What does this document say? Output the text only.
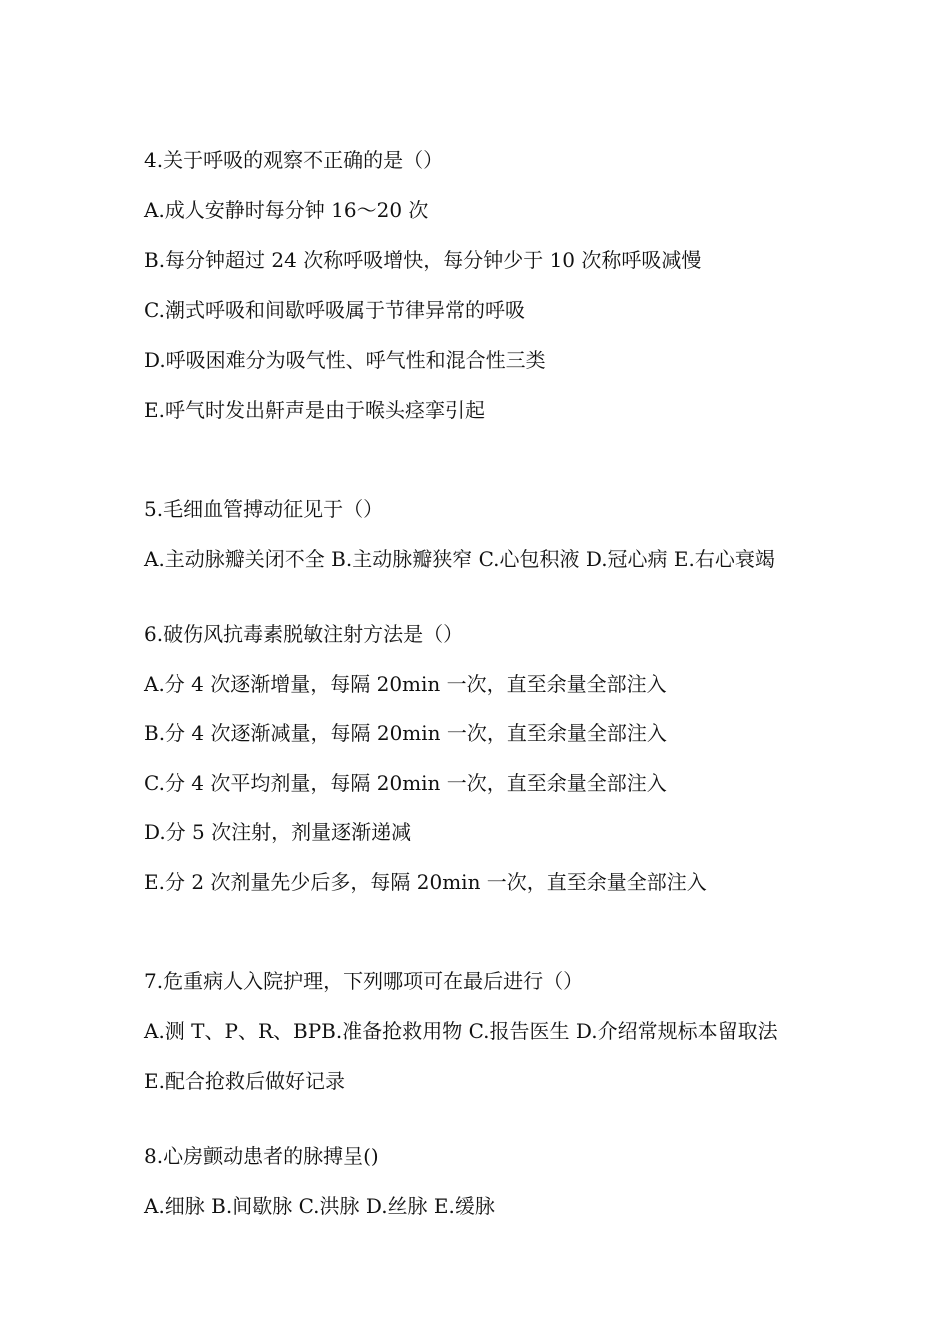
4.关于呼吸的观察不正确的是（）
A.成人安静时每分钟 16～20 次
B.每分钟超过 24 次称呼吸增快，每分钟少于 10 次称呼吸减慢
C.潮式呼吸和间歇呼吸属于节律异常的呼吸
D.呼吸困难分为吸气性、呼气性和混合性三类
E.呼气时发出鼾声是由于喉头痉挛引起
5.毛细血管搏动征见于（）
A.主动脉瓣关闭不全 B.主动脉瓣狭窄 C.心包积液 D.冠心病 E.右心衰竭
6.破伤风抗毒素脱敏注射方法是（）
A.分 4 次逐渐增量，每隔 20min 一次，直至余量全部注入
B.分 4 次逐渐减量，每隔 20min 一次，直至余量全部注入
C.分 4 次平均剂量，每隔 20min 一次，直至余量全部注入
D.分 5 次注射，剂量逐渐递减
E.分 2 次剂量先少后多，每隔 20min 一次，直至余量全部注入
7.危重病人入院护理，下列哪项可在最后进行（）
A.测 T、P、R、BPB.准备抢救用物 C.报告医生 D.介绍常规标本留取法
E.配合抢救后做好记录
8.心房颤动患者的脉搏呈()
A.细脉 B.间歇脉 C.洪脉 D.丝脉 E.缓脉
